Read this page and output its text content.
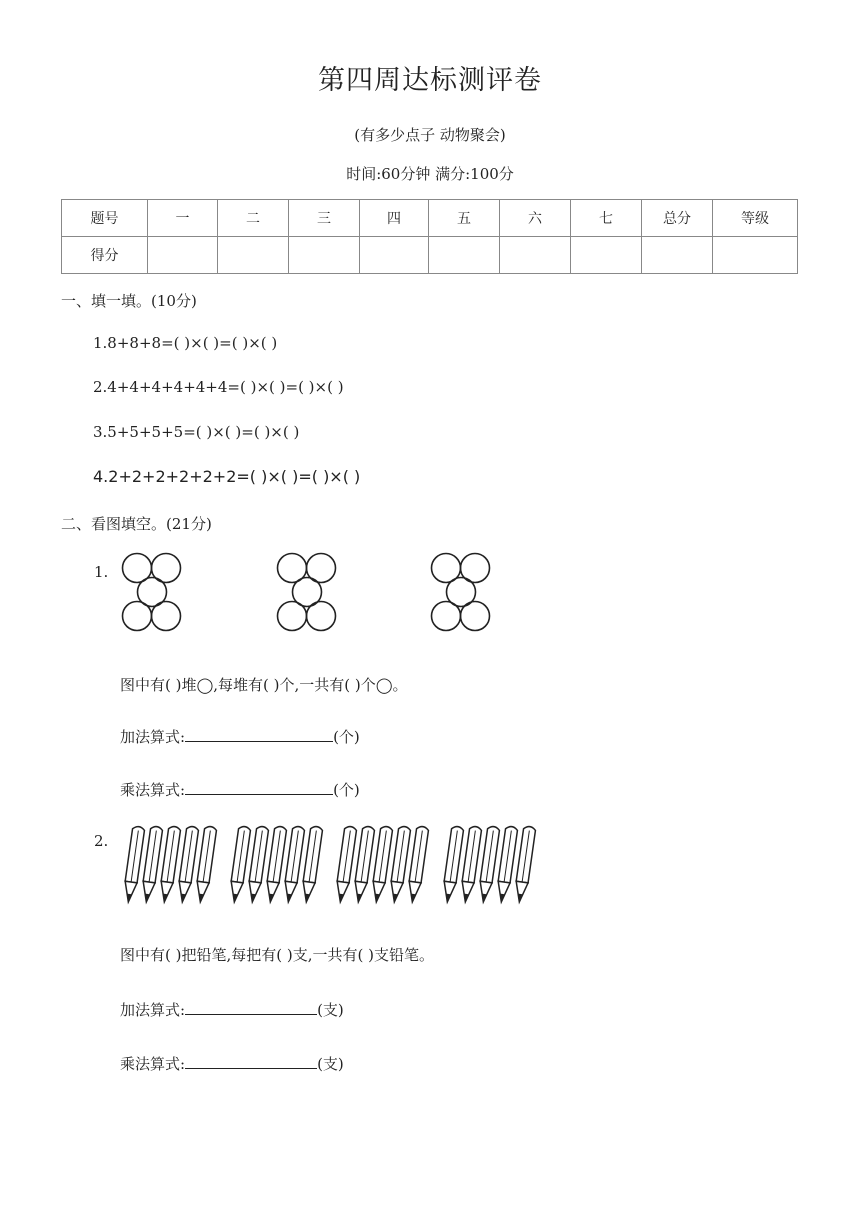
第四周达标测评卷
(有多少点子 动物聚会)
时间:60分钟 满分:100分
题号	一	二	三	四	五	六	七	总分	等级
得分									
一、填一填。(10分)
1.8+8+8=( )×( )=( )×( )
2.4+4+4+4+4+4=( )×( )=( )×( )
3.5+5+5+5=( )×( )=( )×( )
4.2+2+2+2+2+2=( )×( )=( )×( )
二、看图填空。(21分)
1.
图中有( )堆◯,每堆有( )个,一共有( )个◯。
加法算式:	(个)
乘法算式:	(个)
2.
图中有( )把铅笔,每把有( )支,一共有( )支铅笔。
加法算式:	(支)
乘法算式:	(支)
